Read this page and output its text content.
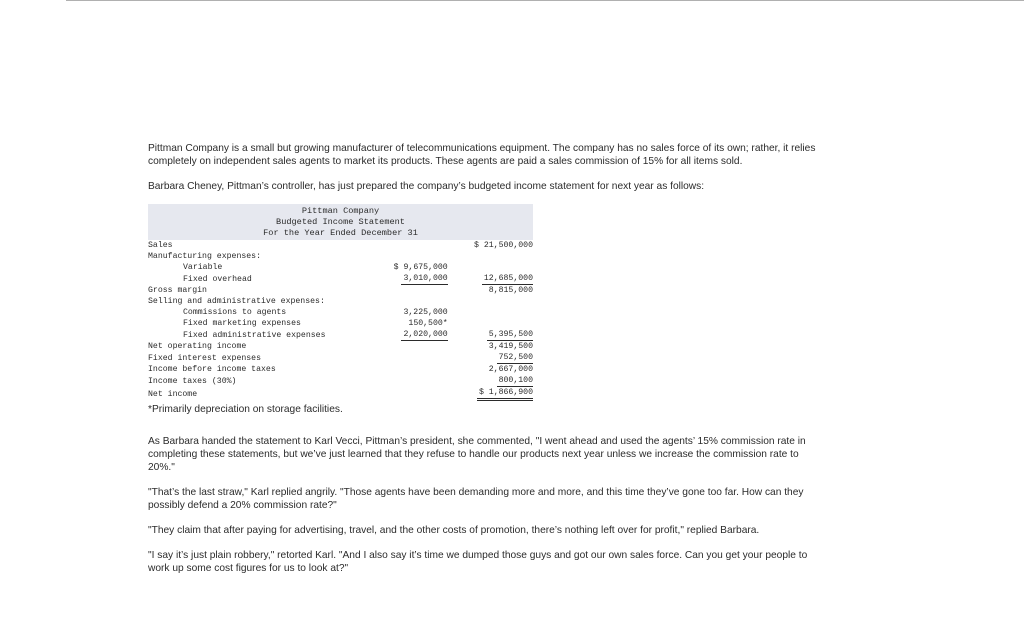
Pittman Company is a small but growing manufacturer of telecommunications equipment. The company has no sales force of its own; rather, it relies completely on independent sales agents to market its products. These agents are paid a sales commission of 15% for all items sold.

Barbara Cheney, Pittman’s controller, has just prepared the company’s budgeted income statement for next year as follows:

Pittman Company
Budgeted Income Statement
For the Year Ended December 31
Sales		$ 21,500,000
Manufacturing expenses:		
Variable	$ 9,675,000	
Fixed overhead	3,010,000	12,685,000
Gross margin		8,815,000
Selling and administrative expenses:		
Commissions to agents	3,225,000	
Fixed marketing expenses	150,500*	
Fixed administrative expenses	2,020,000	5,395,500
Net operating income		3,419,500
Fixed interest expenses		752,500
Income before income taxes		2,667,000
Income taxes (30%)		800,100
Net income		$ 1,866,900

*Primarily depreciation on storage facilities.

As Barbara handed the statement to Karl Vecci, Pittman’s president, she commented, "I went ahead and used the agents’ 15% commission rate in completing these statements, but we’ve just learned that they refuse to handle our products next year unless we increase the commission rate to 20%."

"That’s the last straw," Karl replied angrily. "Those agents have been demanding more and more, and this time they’ve gone too far. How can they possibly defend a 20% commission rate?"

"They claim that after paying for advertising, travel, and the other costs of promotion, there’s nothing left over for profit," replied Barbara.

"I say it’s just plain robbery," retorted Karl. "And I also say it’s time we dumped those guys and got our own sales force. Can you get your people to work up some cost figures for us to look at?"
